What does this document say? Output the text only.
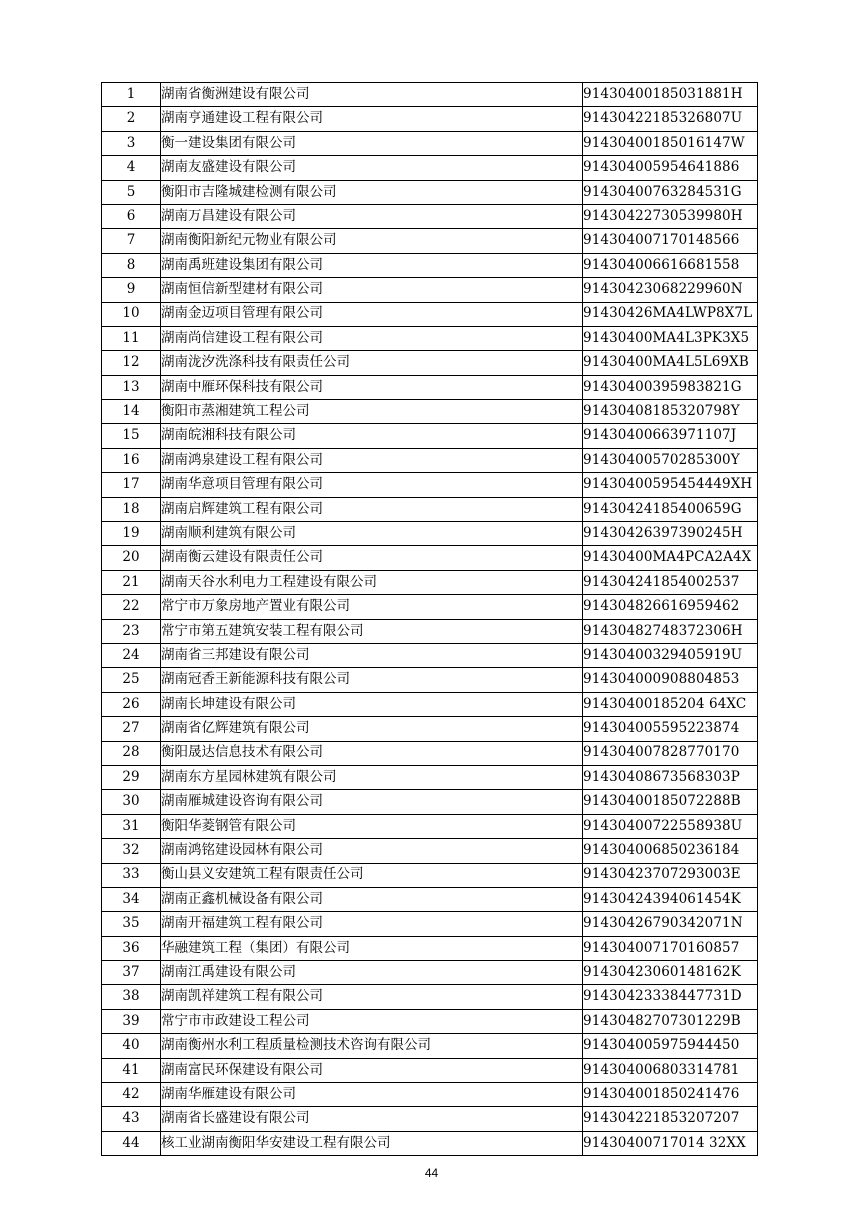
1	湖南省衡洲建设有限公司	91430400185031881H
2	湖南亨通建设工程有限公司	91430422185326807U
3	衡一建设集团有限公司	91430400185016147W
4	湖南友盛建设有限公司	914304005954641886
5	衡阳市吉隆城建检测有限公司	91430400763284531G
6	湖南万昌建设有限公司	91430422730539980H
7	湖南衡阳新纪元物业有限公司	914304007170148566
8	湖南禹班建设集团有限公司	914304006616681558
9	湖南恒信新型建材有限公司	91430423068229960N
10	湖南金迈项目管理有限公司	91430426MA4LWP8X7L
11	湖南尚信建设工程有限公司	91430400MA4L3PK3X5
12	湖南泷汐洗涤科技有限责任公司	91430400MA4L5L69XB
13	湖南中雁环保科技有限公司	91430400395983821G
14	衡阳市蒸湘建筑工程公司	91430408185320798Y
15	湖南皖湘科技有限公司	91430400663971107J
16	湖南鸿泉建设工程有限公司	91430400570285300Y
17	湖南华意项目管理有限公司	91430400595454449XH
18	湖南启辉建筑工程有限公司	91430424185400659G
19	湖南顺利建筑有限公司	91430426397390245H
20	湖南衡云建设有限责任公司	91430400MA4PCA2A4X
21	湖南天谷水利电力工程建设有限公司	914304241854002537
22	常宁市万象房地产置业有限公司	914304826616959462
23	常宁市第五建筑安装工程有限公司	91430482748372306H
24	湖南省三邦建设有限公司	91430400329405919U
25	湖南冠香王新能源科技有限公司	914304000908804853
26	湖南长坤建设有限公司	91430400185204 64XC
27	湖南省亿辉建筑有限公司	914304005595223874
28	衡阳晟达信息技术有限公司	914304007828770170
29	湖南东方星园林建筑有限公司	91430408673568303P
30	湖南雁城建设咨询有限公司	91430400185072288B
31	衡阳华菱钢管有限公司	91430400722558938U
32	湖南鸿铭建设园林有限公司	914304006850236184
33	衡山县义安建筑工程有限责任公司	91430423707293003E
34	湖南正鑫机械设备有限公司	91430424394061454K
35	湖南开福建筑工程有限公司	91430426790342071N
36	华融建筑工程（集团）有限公司	914304007170160857
37	湖南江禹建设有限公司	91430423060148162K
38	湖南凯祥建筑工程有限公司	91430423338447731D
39	常宁市市政建设工程公司	91430482707301229B
40	湖南衡州水利工程质量检测技术咨询有限公司	914304005975944450
41	湖南富民环保建设有限公司	914304006803314781
42	湖南华雁建设有限公司	914304001850241476
43	湖南省长盛建设有限公司	914304221853207207
44	核工业湖南衡阳华安建设工程有限公司	91430400717014 32XX
44
